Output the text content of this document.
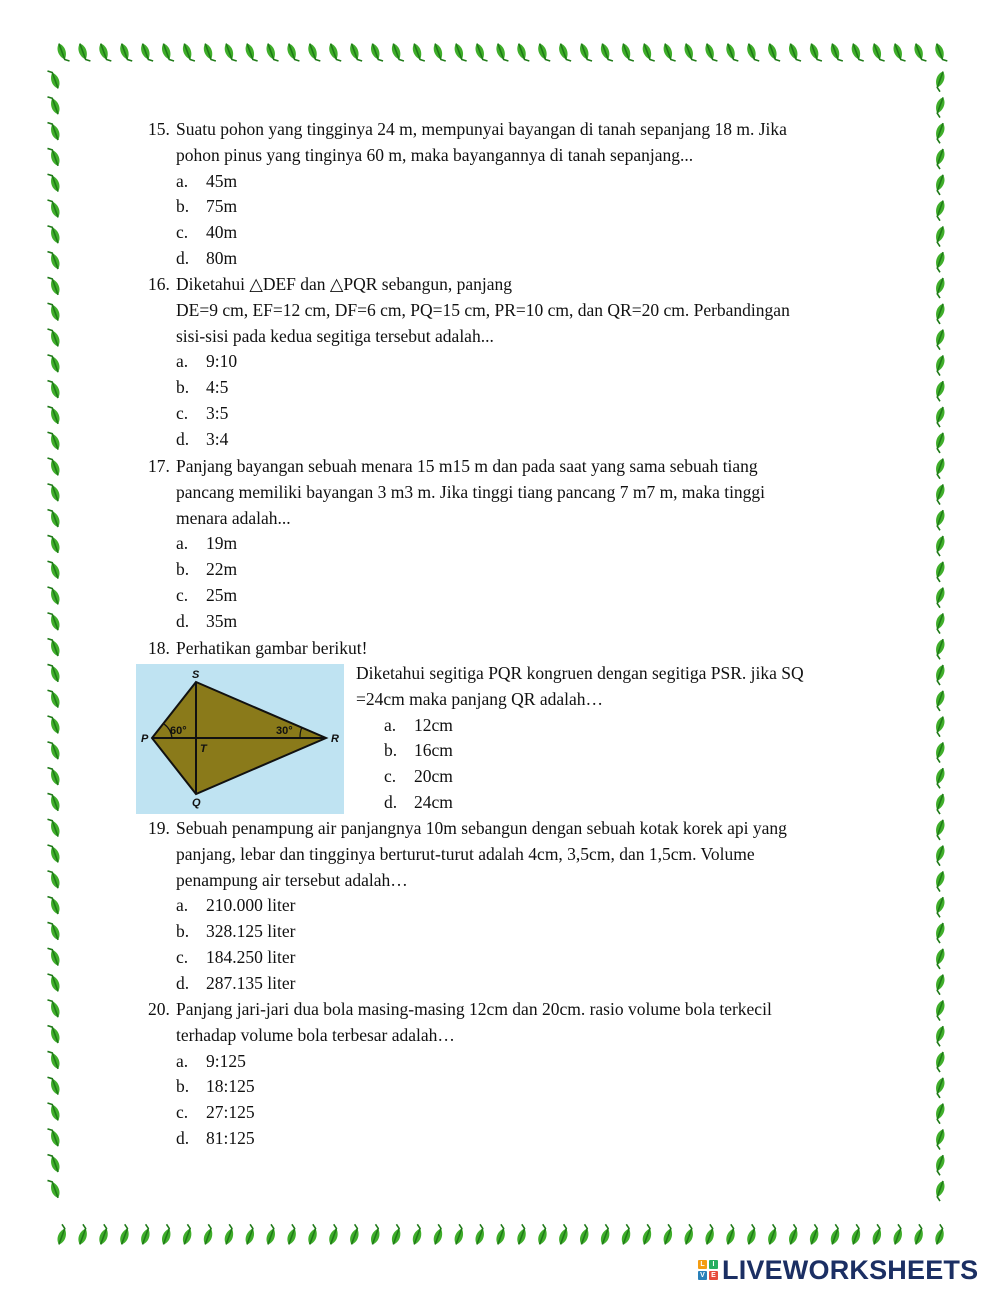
15. Suatu pohon yang tingginya 24 m, mempunyai bayangan di tanah sepanjang 18 m. Jika
pohon pinus yang tinginya 60 m, maka bayangannya di tanah sepanjang...
a. 45m
b. 75m
c. 40m
d. 80m
16. Diketahui △DEF dan △PQR sebangun, panjang
DE=9 cm, EF=12 cm, DF=6 cm, PQ=15 cm, PR=10 cm, dan QR=20 cm. Perbandingan
sisi-sisi pada kedua segitiga tersebut adalah...
a. 9:10
b. 4:5
c. 3:5
d. 3:4
17. Panjang bayangan sebuah menara 15 m15 m dan pada saat yang sama sebuah tiang
pancang memiliki bayangan 3 m3 m. Jika tinggi tiang pancang 7 m7 m, maka tinggi
menara adalah...
a. 19m
b. 22m
c. 25m
d. 35m
18. Perhatikan gambar berikut!
19. Sebuah penampung air panjangnya 10m sebangun dengan sebuah kotak korek api yang
panjang, lebar dan tingginya berturut-turut adalah 4cm, 3,5cm, dan 1,5cm. Volume
penampung air tersebut adalah…
a. 210.000 liter
b. 328.125 liter
c. 184.250 liter
d. 287.135 liter
20. Panjang jari-jari dua bola masing-masing 12cm dan 20cm. rasio volume bola terkecil
terhadap volume bola terbesar adalah…
a. 9:125
b. 18:125
c. 27:125
d. 81:125
S
P	R
T
Q
60°	30°
L	I
V E LIVEWORKSHEETS
Diketahui segitiga PQR kongruen dengan segitiga PSR. jika SQ
=24cm maka panjang QR adalah…
a. 12cm
b. 16cm
c. 20cm
d. 24cm
